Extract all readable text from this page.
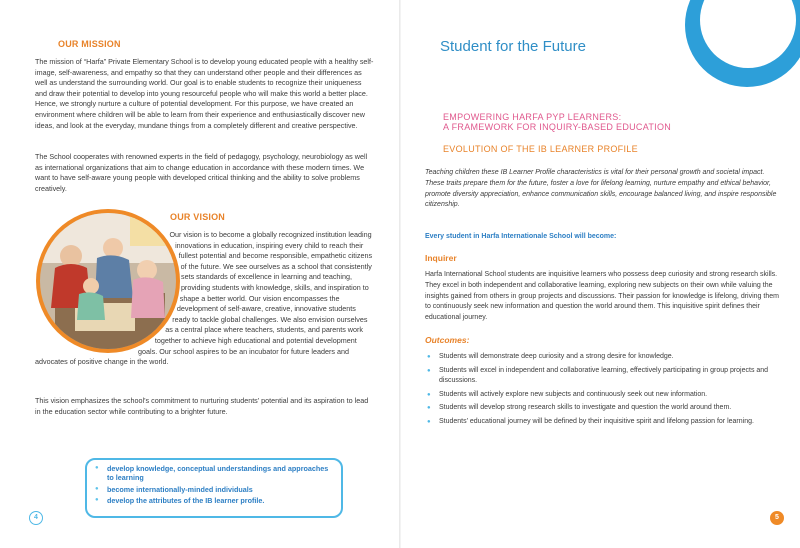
OUR MISSION

The mission of “Harfa” Private Elementary School is to develop young educated people with a healthy self-image, self-awareness, and empathy so that they can understand other people and their differences as well as understand the surrounding world. Our goal is to enable students to recognize their uniqueness and draw their potential to develop into young resourceful people who will make this world a better place. Hence, we strongly nurture a culture of potential development. For this purpose, we have created an environment where children will be able to learn from their experience and enthusiastically discover new ideas, and look at the everyday, mundane things from a completely different and creative perspective.

The School cooperates with renowned experts in the field of pedagogy, psychology, neurobiology as well as international organizations that aim to change education in accordance with these modern times. We want to have self-aware young people with developed critical thinking and the ability to solve problems creatively.

OUR VISION
Our vision is to become a globally recognized institution leading innovations in education, inspiring every child to reach their fullest potential and become responsible, empathetic citizens of the future. We see ourselves as a school that consistently sets standards of excellence in learning and teaching, providing students with knowledge, skills, and inspiration to shape a better world. Our vision encompasses the development of self-aware, creative, innovative students ready to tackle global challenges. We also envision ourselves as a central place where teachers, students, and parents work together to achieve high educational and potential development goals. Our school aspires to be an incubator for future leaders and advocates of positive change in the world.

This vision emphasizes the school’s commitment to nurturing students’ potential and its aspiration to lead in the education sector while contributing to a brighter future.

● develop knowledge, conceptual understandings and approaches to learning
● become internationally-minded individuals
● develop the attributes of the IB learner profile.
4
Student for the Future
EMPOWERING HARFA PYP LEARNERS:
A FRAMEWORK FOR INQUIRY-BASED EDUCATION
EVOLUTION OF THE IB LEARNER PROFILE

Teaching children these IB Learner Profile characteristics is vital for their personal growth and societal impact. These traits prepare them for the future, foster a love for lifelong learning, nurture empathy and ethical behavior, promote diversity appreciation, enhance communication skills, encourage balanced living, and inspire responsible citizenship.

Every student in Harfa Internationale School will become:
Inquirer

Harfa International School students are inquisitive learners who possess deep curiosity and strong research skills. They excel in both independent and collaborative learning, exploring new subjects on their own while valuing the insights gained from others in group projects and discussions. Their passion for knowledge is lifelong, driving them to continuously seek new information and question the world around them. This inquisitive spirit defines their educational journey.

Outcomes:
● Students will demonstrate deep curiosity and a strong desire for knowledge.
● Students will excel in independent and collaborative learning, effectively participating in group projects and discussions.
● Students will actively explore new subjects and continuously seek out new information.
● Students will develop strong research skills to investigate and question the world around them.
● Students’ educational journey will be defined by their inquisitive spirit and lifelong passion for learning.
5
